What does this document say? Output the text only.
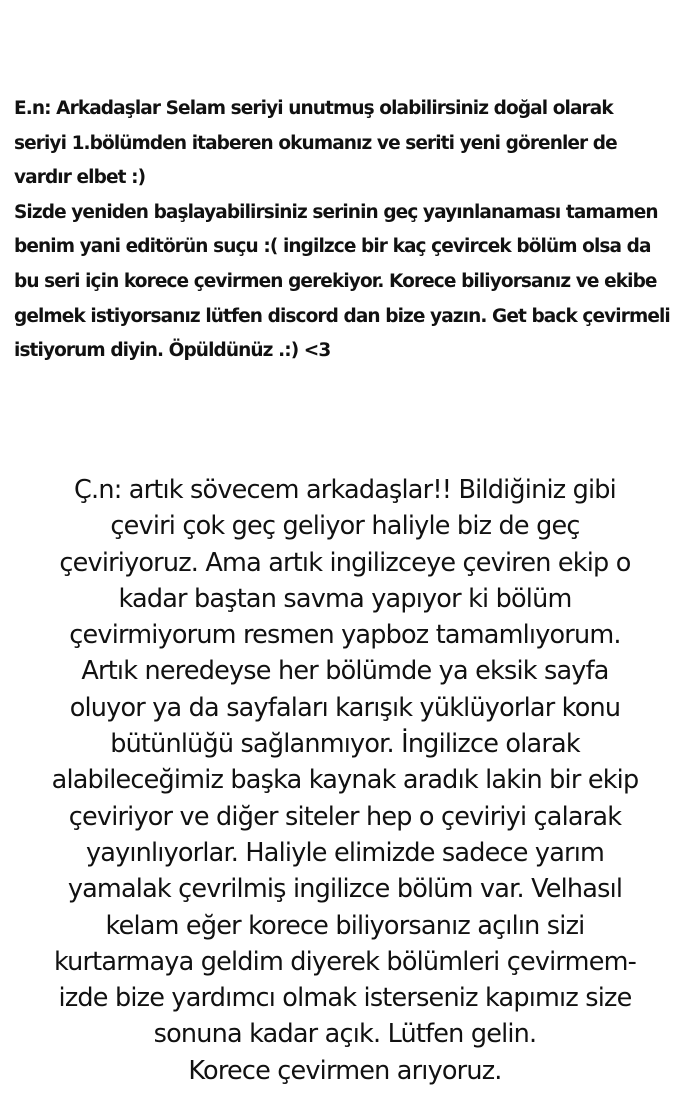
E.n: Arkadaşlar Selam seriyi unutmuş olabilirsiniz doğal olarak
seriyi 1.bölümden itaberen okumanız ve seriti yeni görenler de
vardır elbet :)
Sizde yeniden başlayabilirsiniz serinin geç yayınlanaması tamamen
benim yani editörün suçu :( ingilzce bir kaç çevircek bölüm olsa da
bu seri için korece çevirmen gerekiyor. Korece biliyorsanız ve ekibe
gelmek istiyorsanız lütfen discord dan bize yazın. Get back çevirmeli
istiyorum diyin. Öpüldünüz .:) <3
Ç.n: artık sövecem arkadaşlar!! Bildiğiniz gibi
çeviri çok geç geliyor haliyle biz de geç
çeviriyoruz. Ama artık ingilizceye çeviren ekip o
kadar baştan savma yapıyor ki bölüm
çevirmiyorum resmen yapboz tamamlıyorum.
Artık neredeyse her bölümde ya eksik sayfa
oluyor ya da sayfaları karışık yüklüyorlar konu
bütünlüğü sağlanmıyor. İngilizce olarak
alabileceğimiz başka kaynak aradık lakin bir ekip
çeviriyor ve diğer siteler hep o çeviriyi çalarak
yayınlıyorlar. Haliyle elimizde sadece yarım
yamalak çevrilmiş ingilizce bölüm var. Velhasıl
kelam eğer korece biliyorsanız açılın sizi
kurtarmaya geldim diyerek bölümleri çevirmem-
izde bize yardımcı olmak isterseniz kapımız size
sonuna kadar açık. Lütfen gelin.
Korece çevirmen arıyoruz.
